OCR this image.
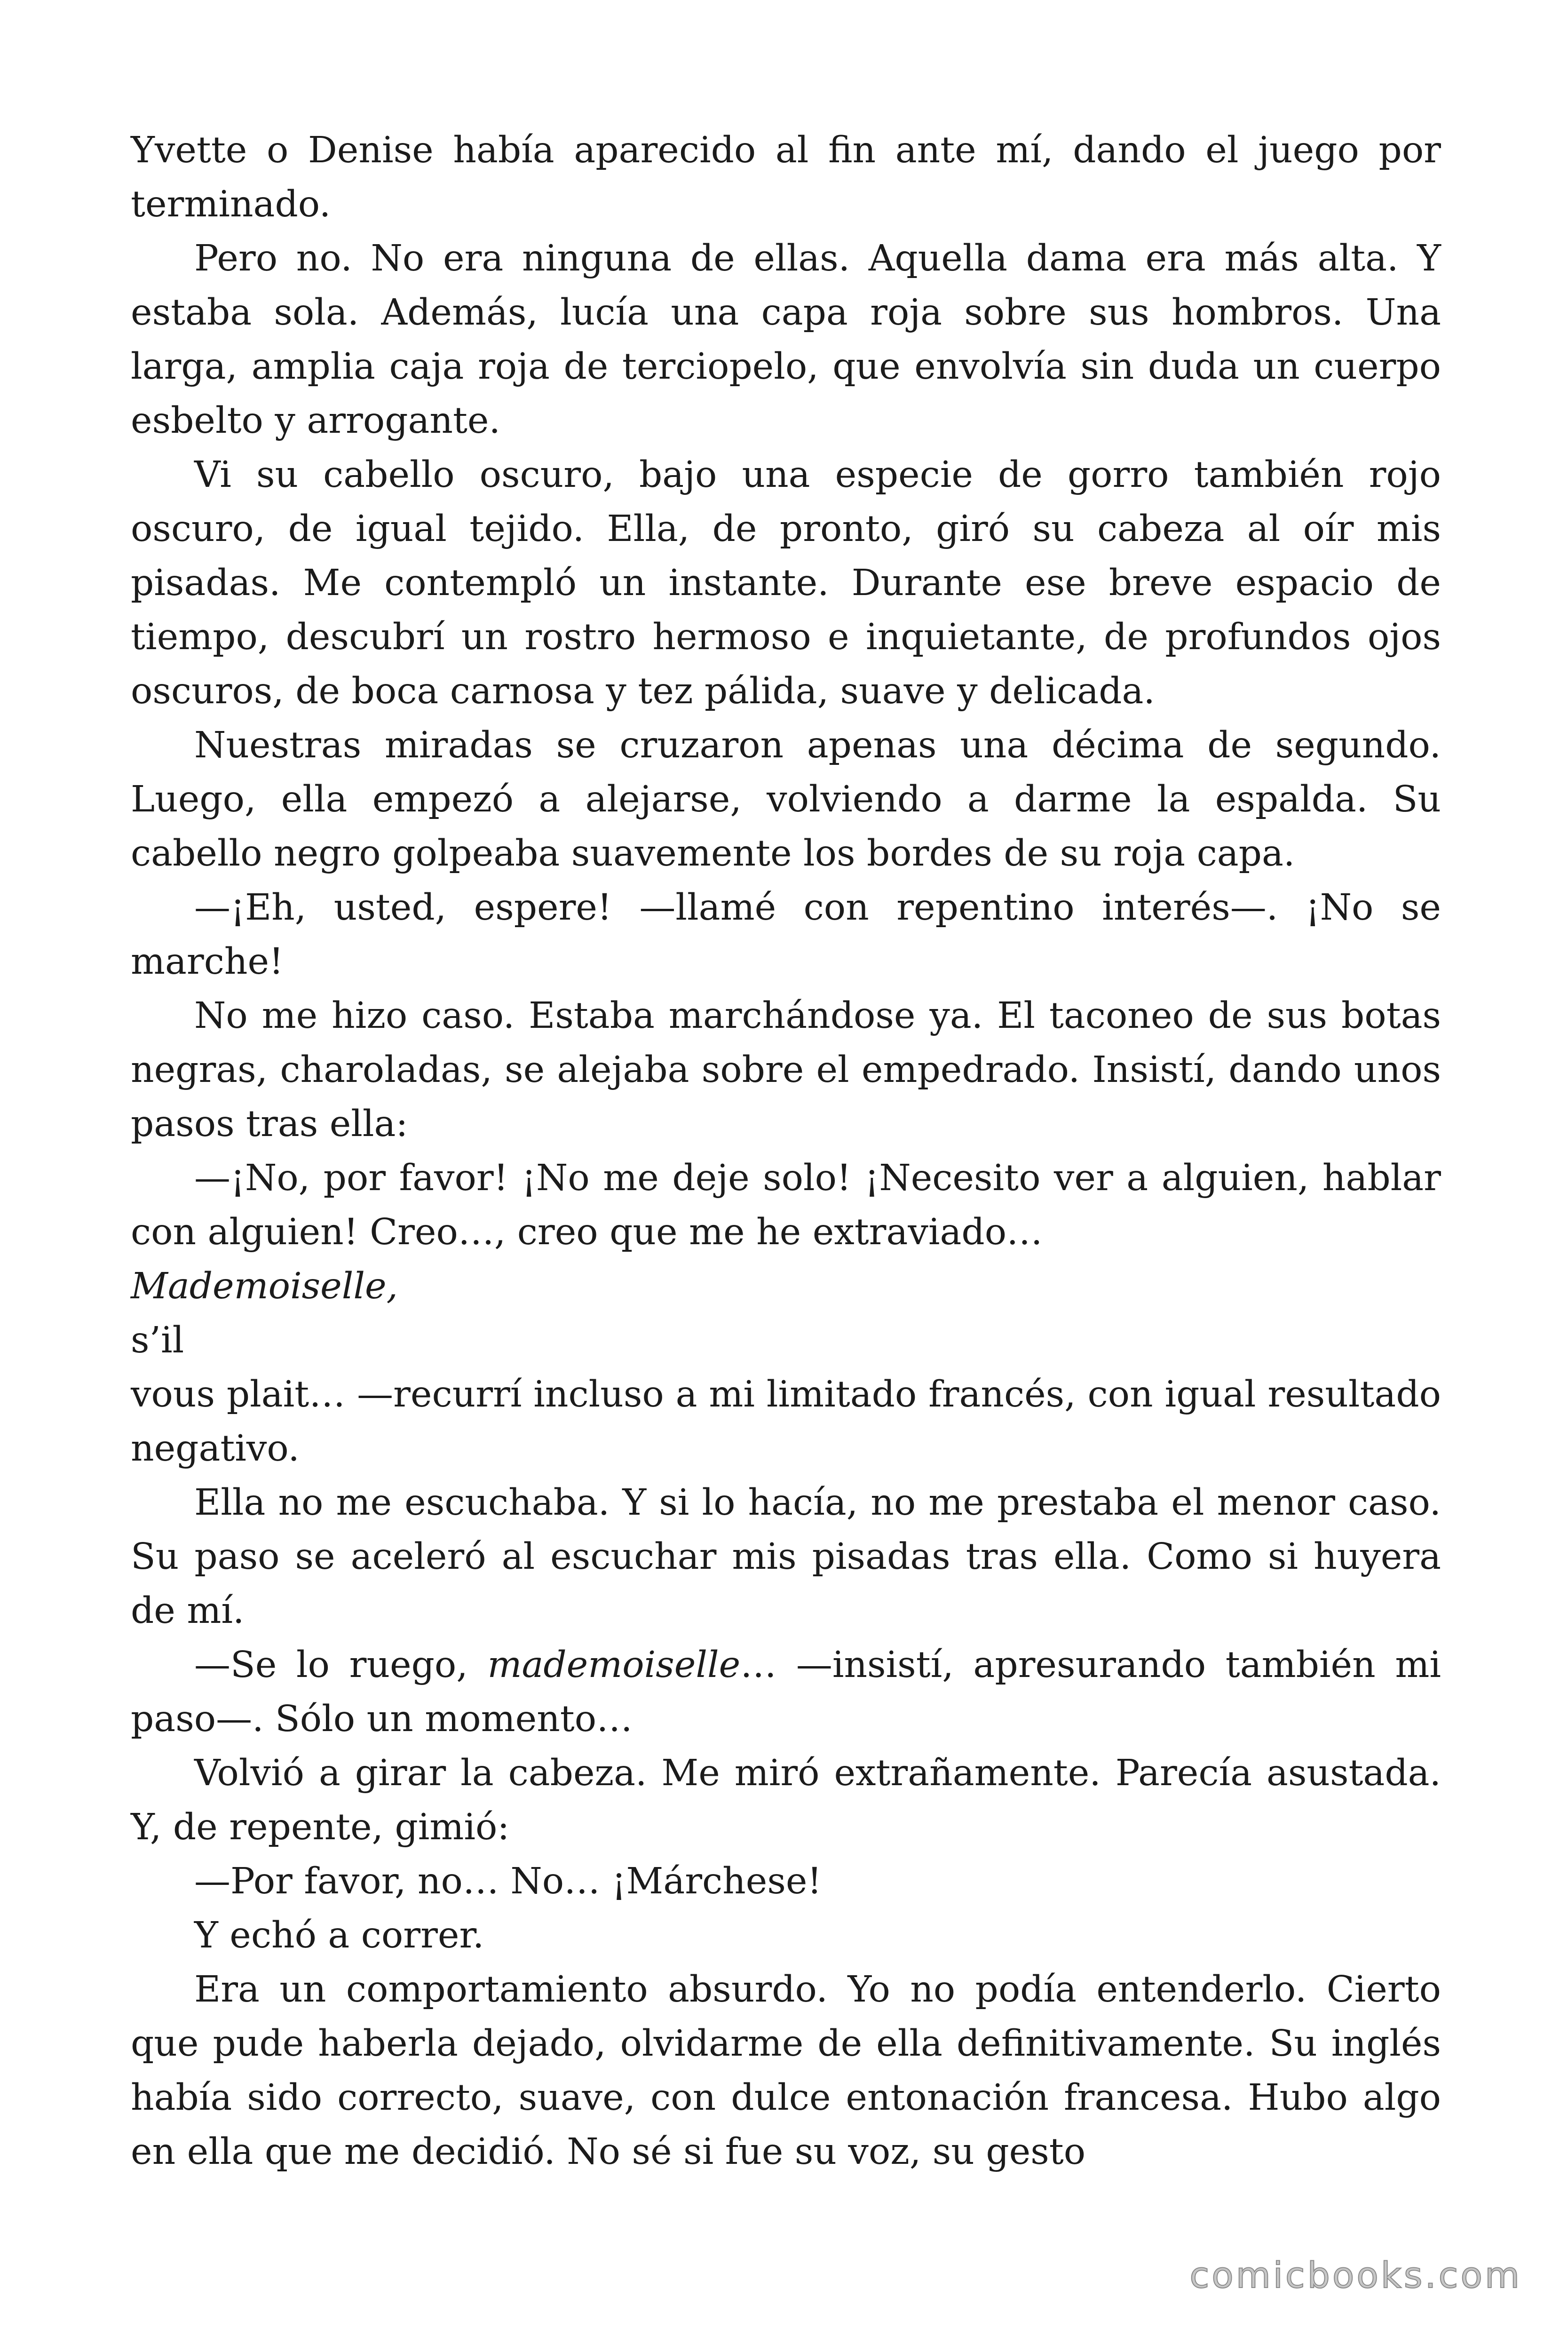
Yvette o Denise había aparecido al fin ante mí, dando el juego por terminado.

Pero no. No era ninguna de ellas. Aquella dama era más alta. Y estaba sola. Además, lucía una capa roja sobre sus hombros. Una larga, amplia caja roja de terciopelo, que envolvía sin duda un cuerpo esbelto y arrogante.

Vi su cabello oscuro, bajo una especie de gorro también rojo oscuro, de igual tejido. Ella, de pronto, giró su cabeza al oír mis pisadas. Me contempló un instante. Durante ese breve espacio de tiempo, descubrí un rostro hermoso e inquietante, de profundos ojos oscuros, de boca carnosa y tez pálida, suave y delicada.

Nuestras miradas se cruzaron apenas una décima de segundo. Luego, ella empezó a alejarse, volviendo a darme la espalda. Su cabello negro golpeaba suavemente los bordes de su roja capa.

—¡Eh, usted, espere! —llamé con repentino interés—. ¡No se marche!

No me hizo caso. Estaba marchándose ya. El taconeo de sus botas negras, charoladas, se alejaba sobre el empedrado. Insistí, dando unos pasos tras ella:

—¡No, por favor! ¡No me deje solo! ¡Necesito ver a alguien, hablar con alguien! Creo…, creo que me he extraviado…
Mademoiselle,

s’il

vous plait… —recurrí incluso a mi limitado francés, con igual resultado negativo.

Ella no me escuchaba. Y si lo hacía, no me prestaba el menor caso. Su paso se aceleró al escuchar mis pisadas tras ella. Como si huyera de mí.

—Se lo ruego, mademoiselle… —insistí, apresurando también mi paso—. Sólo un momento…

Volvió a girar la cabeza. Me miró extrañamente. Parecía asustada. Y, de repente, gimió:

—Por favor, no… No… ¡Márchese!

Y echó a correr.

Era un comportamiento absurdo. Yo no podía entenderlo. Cierto que pude haberla dejado, olvidarme de ella definitivamente. Su inglés había sido correcto, suave, con dulce entonación francesa. Hubo algo en ella que me decidió. No sé si fue su voz, su gesto

comicbooks.com
